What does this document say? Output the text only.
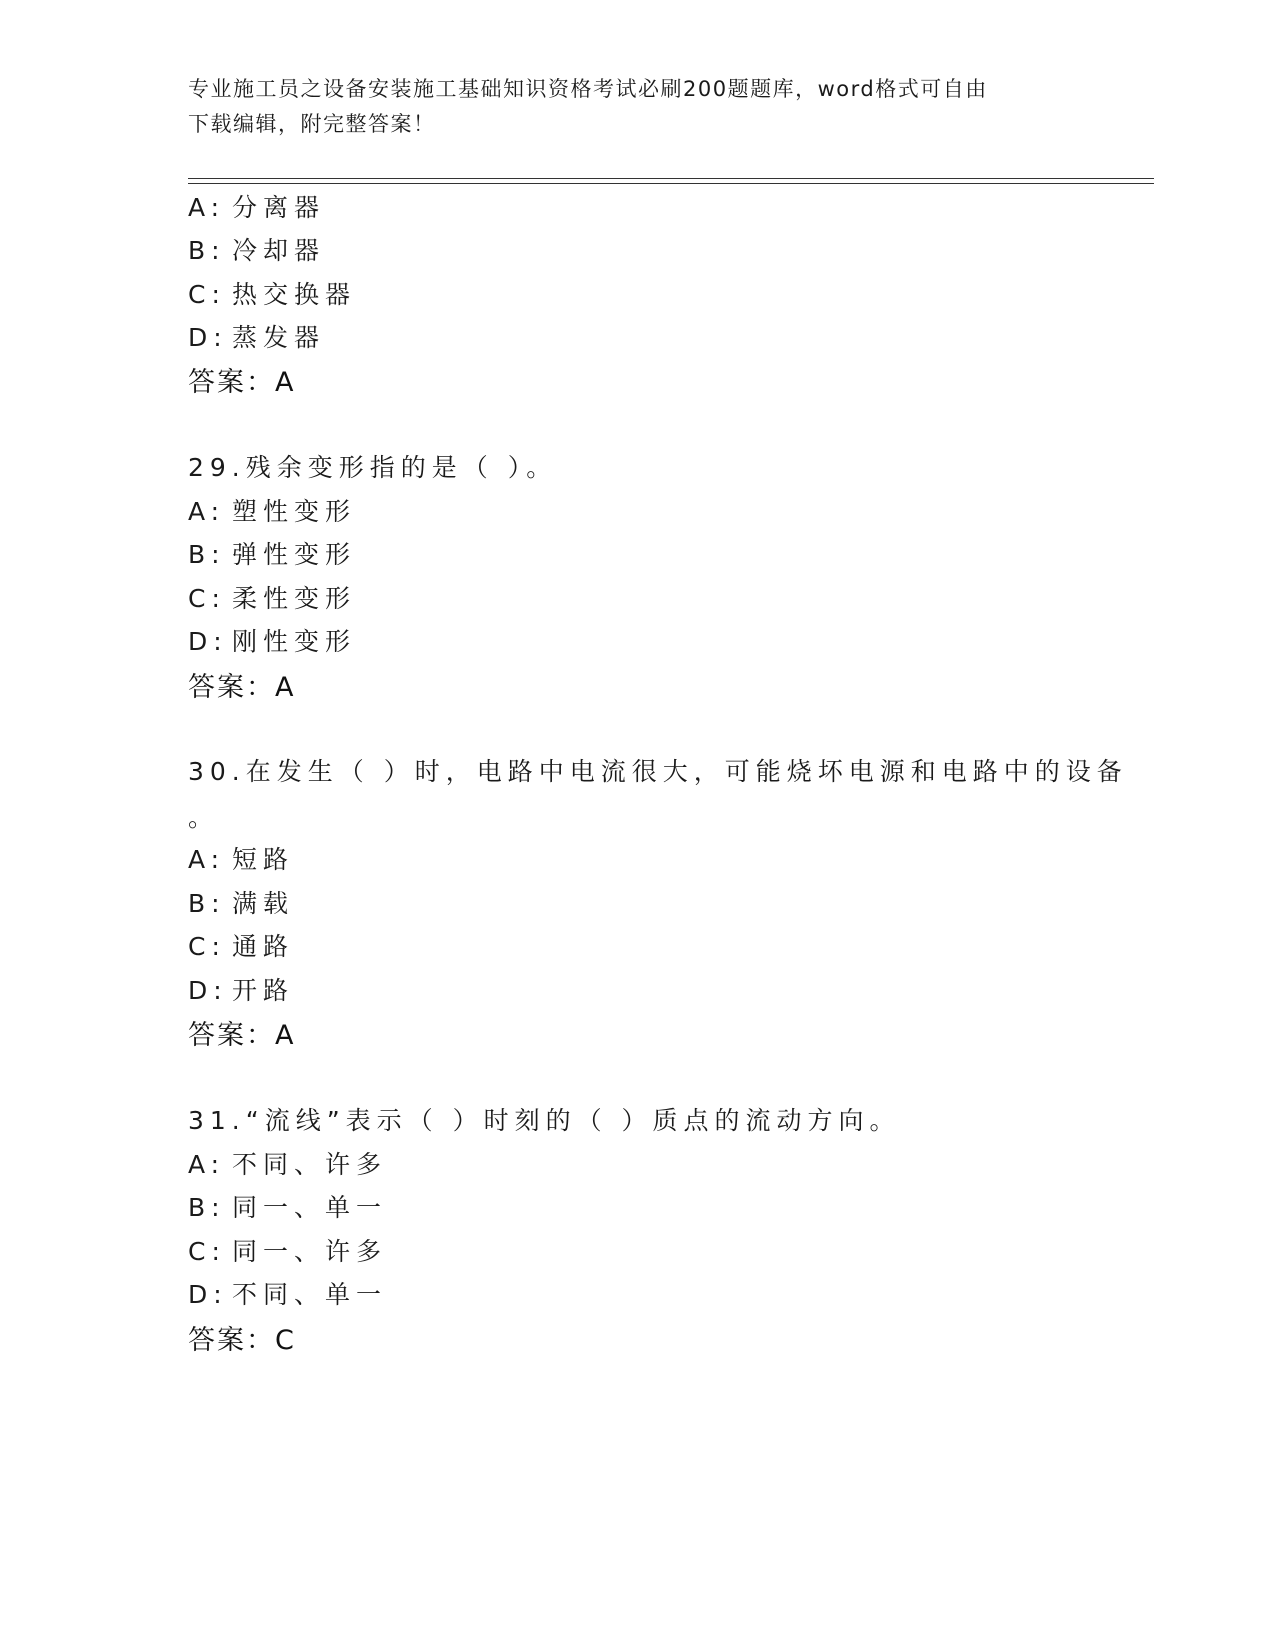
专业施工员之设备安装施工基础知识资格考试必刷200题题库，word格式可自由
下载编辑，附完整答案！
A: 分离器
B: 冷却器
C: 热交换器
D: 蒸发器
答案：A
29.残余变形指的是（ ）。
A: 塑性变形
B: 弹性变形
C: 柔性变形
D: 刚性变形
答案：A
30.在发生（ ）时，电路中电流很大，可能烧坏电源和电路中的设备
。
A: 短路
B: 满载
C: 通路
D: 开路
答案：A
31.“流线”表示（ ）时刻的（ ）质点的流动方向。
A: 不同、许多
B: 同一、单一
C: 同一、许多
D: 不同、单一
答案：C
